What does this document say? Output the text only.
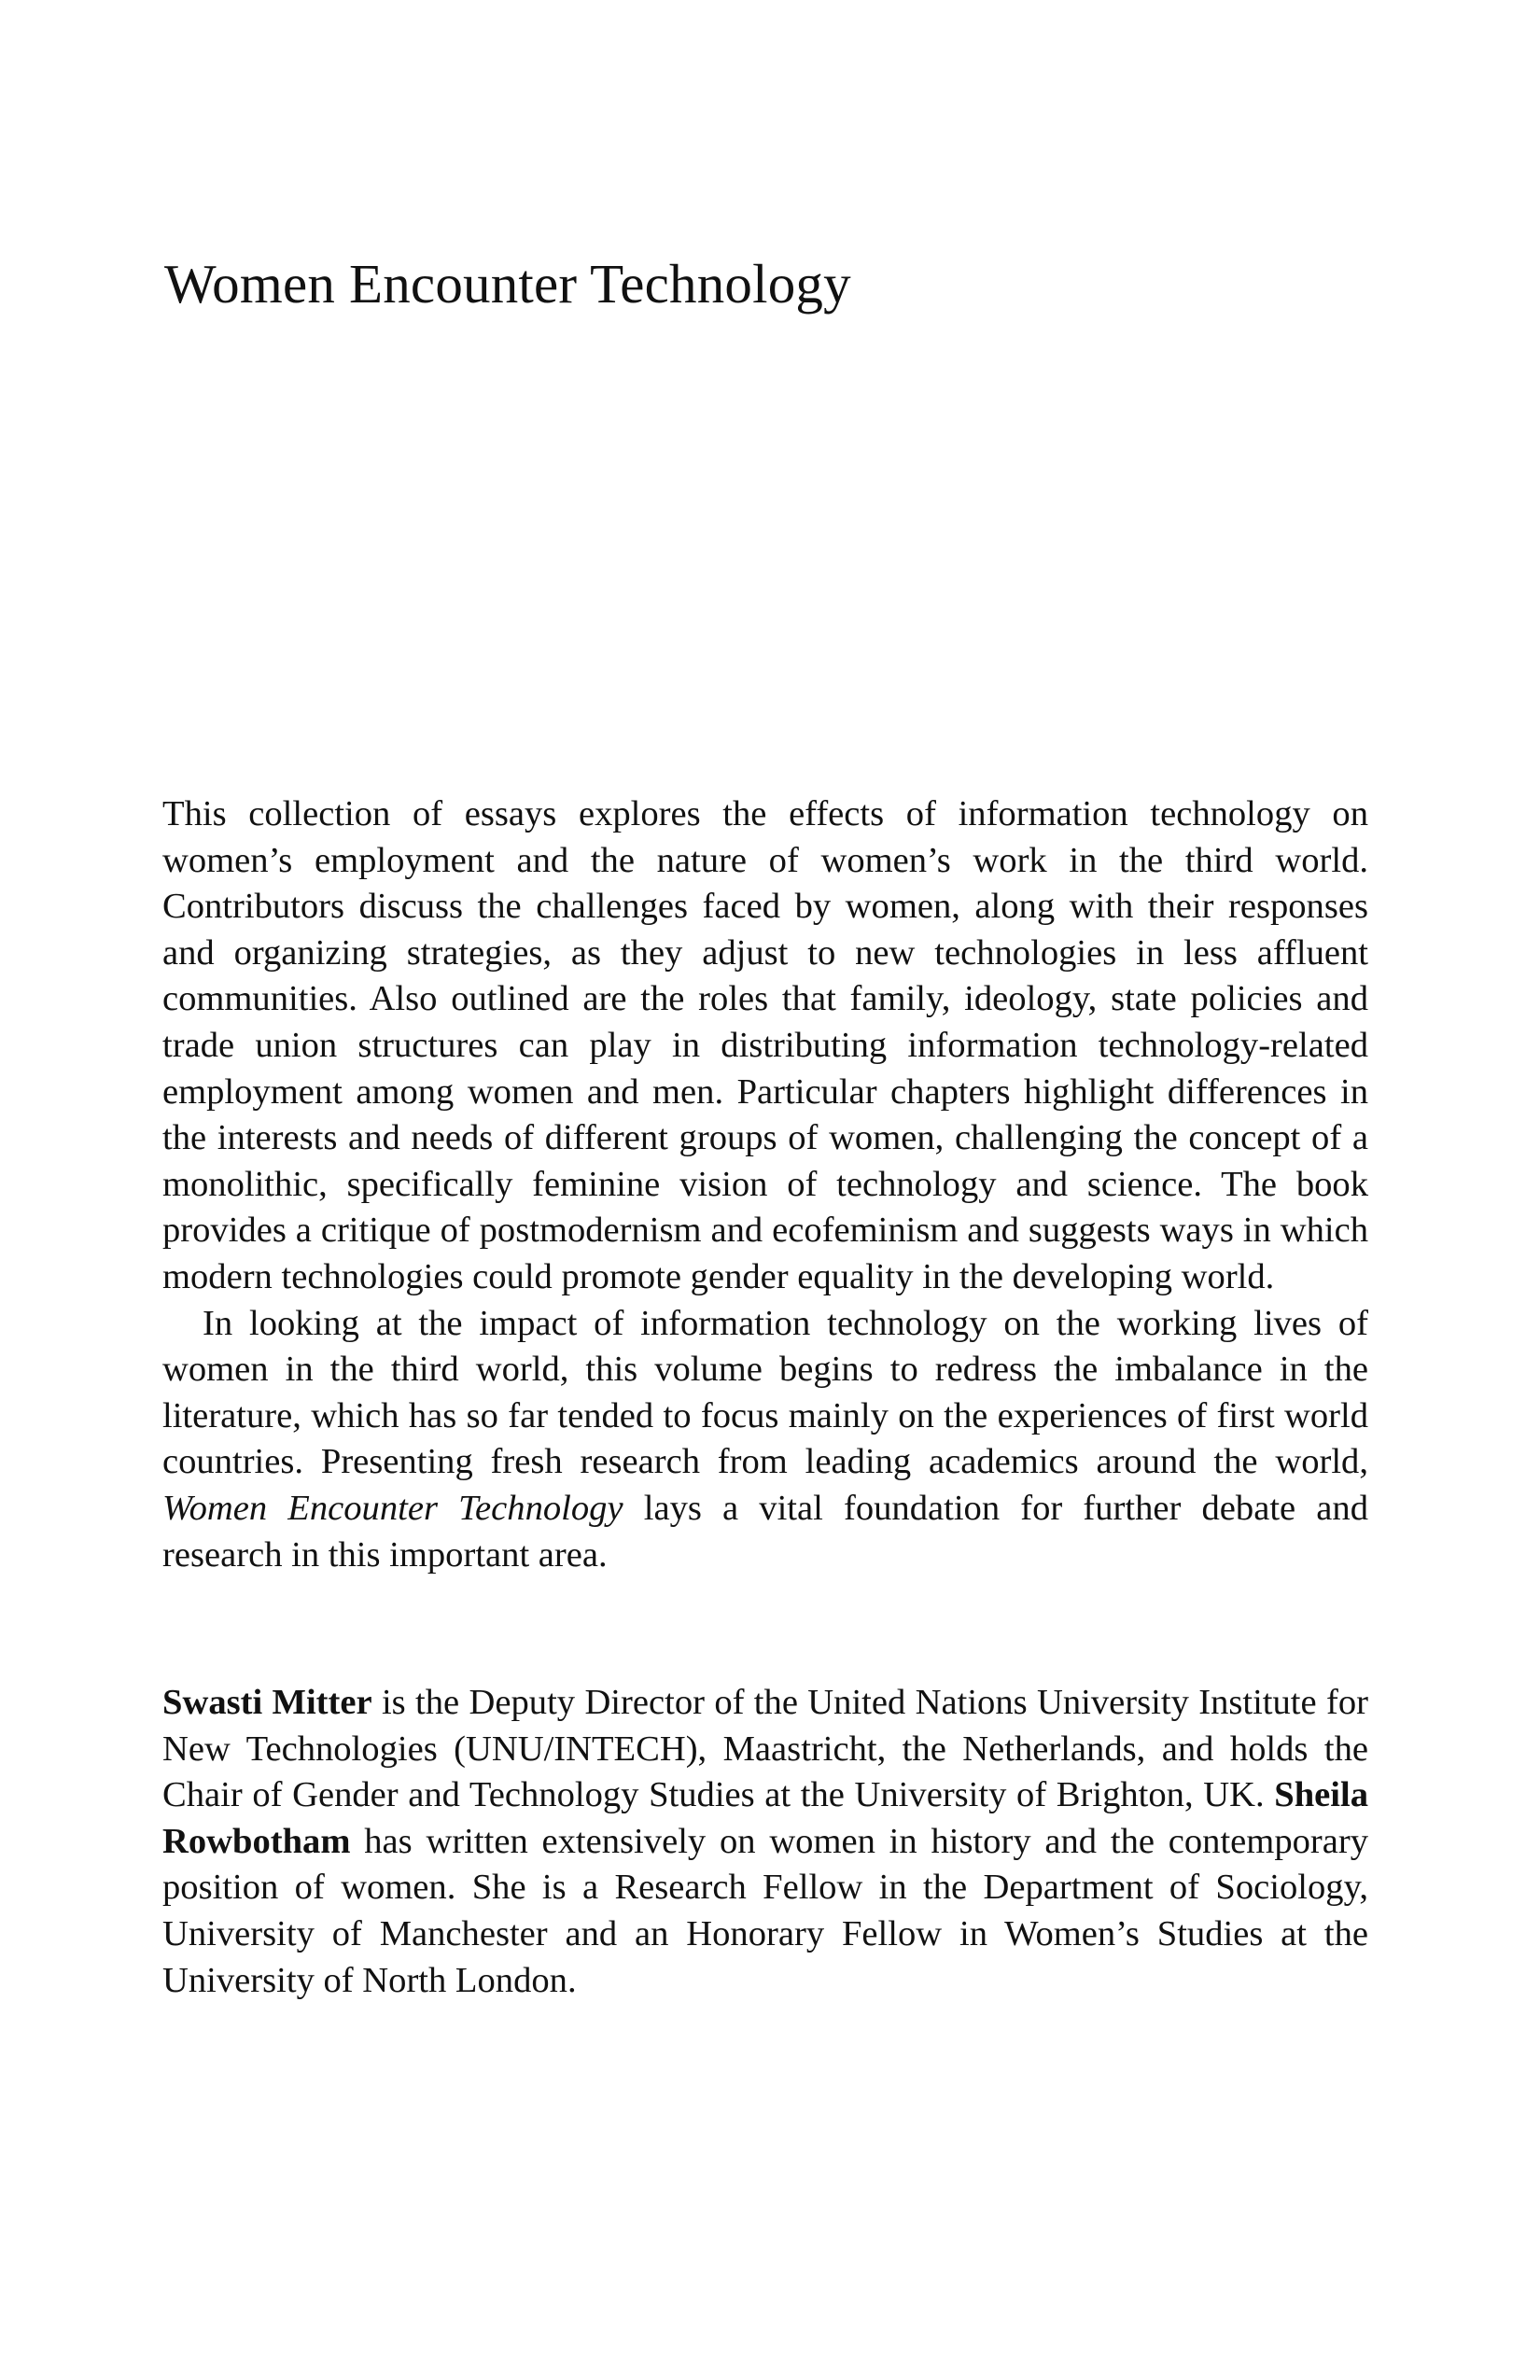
Women Encounter Technology

This collection of essays explores the effects of information technology on women’s employment and the nature of women’s work in the third world. Contributors discuss the challenges faced by women, along with their responses and organizing strategies, as they adjust to new technologies in less affluent communities. Also outlined are the roles that family, ideology, state policies and trade union structures can play in distributing information technology-related employment among women and men. Particular chapters highlight differences in the interests and needs of different groups of women, challenging the concept of a monolithic, specifically feminine vision of technology and science. The book provides a critique of postmodernism and ecofeminism and suggests ways in which modern technologies could promote gender equality in the developing world.

In looking at the impact of information technology on the working lives of women in the third world, this volume begins to redress the imbalance in the literature, which has so far tended to focus mainly on the experiences of first world countries. Presenting fresh research from leading academics around the world, Women Encounter Technology lays a vital foundation for further debate and research in this important area.

Swasti Mitter is the Deputy Director of the United Nations University Institute for New Technologies (UNU/INTECH), Maastricht, the Netherlands, and holds the Chair of Gender and Technology Studies at the University of Brighton, UK. Sheila Rowbotham has written extensively on women in history and the contemporary position of women. She is a Research Fellow in the Department of Sociology, University of Manchester and an Honorary Fellow in Women’s Studies at the University of North London.
